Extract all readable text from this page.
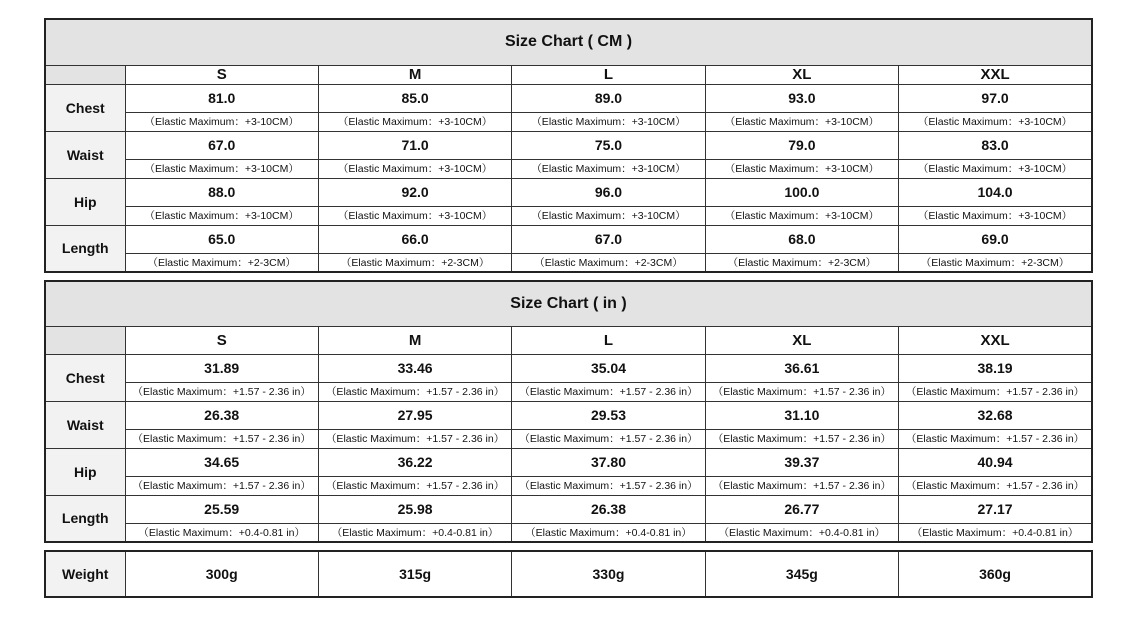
Size Chart ( CM )					
	S	M	L	XL	XXL
Chest	81.0	85.0	89.0	93.0	97.0
	（Elastic Maximum：+3-10CM）	（Elastic Maximum：+3-10CM）	（Elastic Maximum：+3-10CM）	（Elastic Maximum：+3-10CM）	（Elastic Maximum：+3-10CM）
Waist	67.0	71.0	75.0	79.0	83.0
	（Elastic Maximum：+3-10CM）	（Elastic Maximum：+3-10CM）	（Elastic Maximum：+3-10CM）	（Elastic Maximum：+3-10CM）	（Elastic Maximum：+3-10CM）
Hip	88.0	92.0	96.0	100.0	104.0
	（Elastic Maximum：+3-10CM）	（Elastic Maximum：+3-10CM）	（Elastic Maximum：+3-10CM）	（Elastic Maximum：+3-10CM）	（Elastic Maximum：+3-10CM）
Length	65.0	66.0	67.0	68.0	69.0
	（Elastic Maximum：+2-3CM）	（Elastic Maximum：+2-3CM）	（Elastic Maximum：+2-3CM）	（Elastic Maximum：+2-3CM）	（Elastic Maximum：+2-3CM）
Size Chart ( in )					
	S	M	L	XL	XXL
Chest	31.89	33.46	35.04	36.61	38.19
	（Elastic Maximum：+1.57 - 2.36 in）	（Elastic Maximum：+1.57 - 2.36 in）	（Elastic Maximum：+1.57 - 2.36 in）	（Elastic Maximum：+1.57 - 2.36 in）	（Elastic Maximum：+1.57 - 2.36 in）
Waist	26.38	27.95	29.53	31.10	32.68
	（Elastic Maximum：+1.57 - 2.36 in）	（Elastic Maximum：+1.57 - 2.36 in）	（Elastic Maximum：+1.57 - 2.36 in）	（Elastic Maximum：+1.57 - 2.36 in）	（Elastic Maximum：+1.57 - 2.36 in）
Hip	34.65	36.22	37.80	39.37	40.94
	（Elastic Maximum：+1.57 - 2.36 in）	（Elastic Maximum：+1.57 - 2.36 in）	（Elastic Maximum：+1.57 - 2.36 in）	（Elastic Maximum：+1.57 - 2.36 in）	（Elastic Maximum：+1.57 - 2.36 in）
Length	25.59	25.98	26.38	26.77	27.17
	（Elastic Maximum：+0.4-0.81 in）	（Elastic Maximum：+0.4-0.81 in）	（Elastic Maximum：+0.4-0.81 in）	（Elastic Maximum：+0.4-0.81 in）	（Elastic Maximum：+0.4-0.81 in）
Weight	300g	315g	330g	345g	360g
